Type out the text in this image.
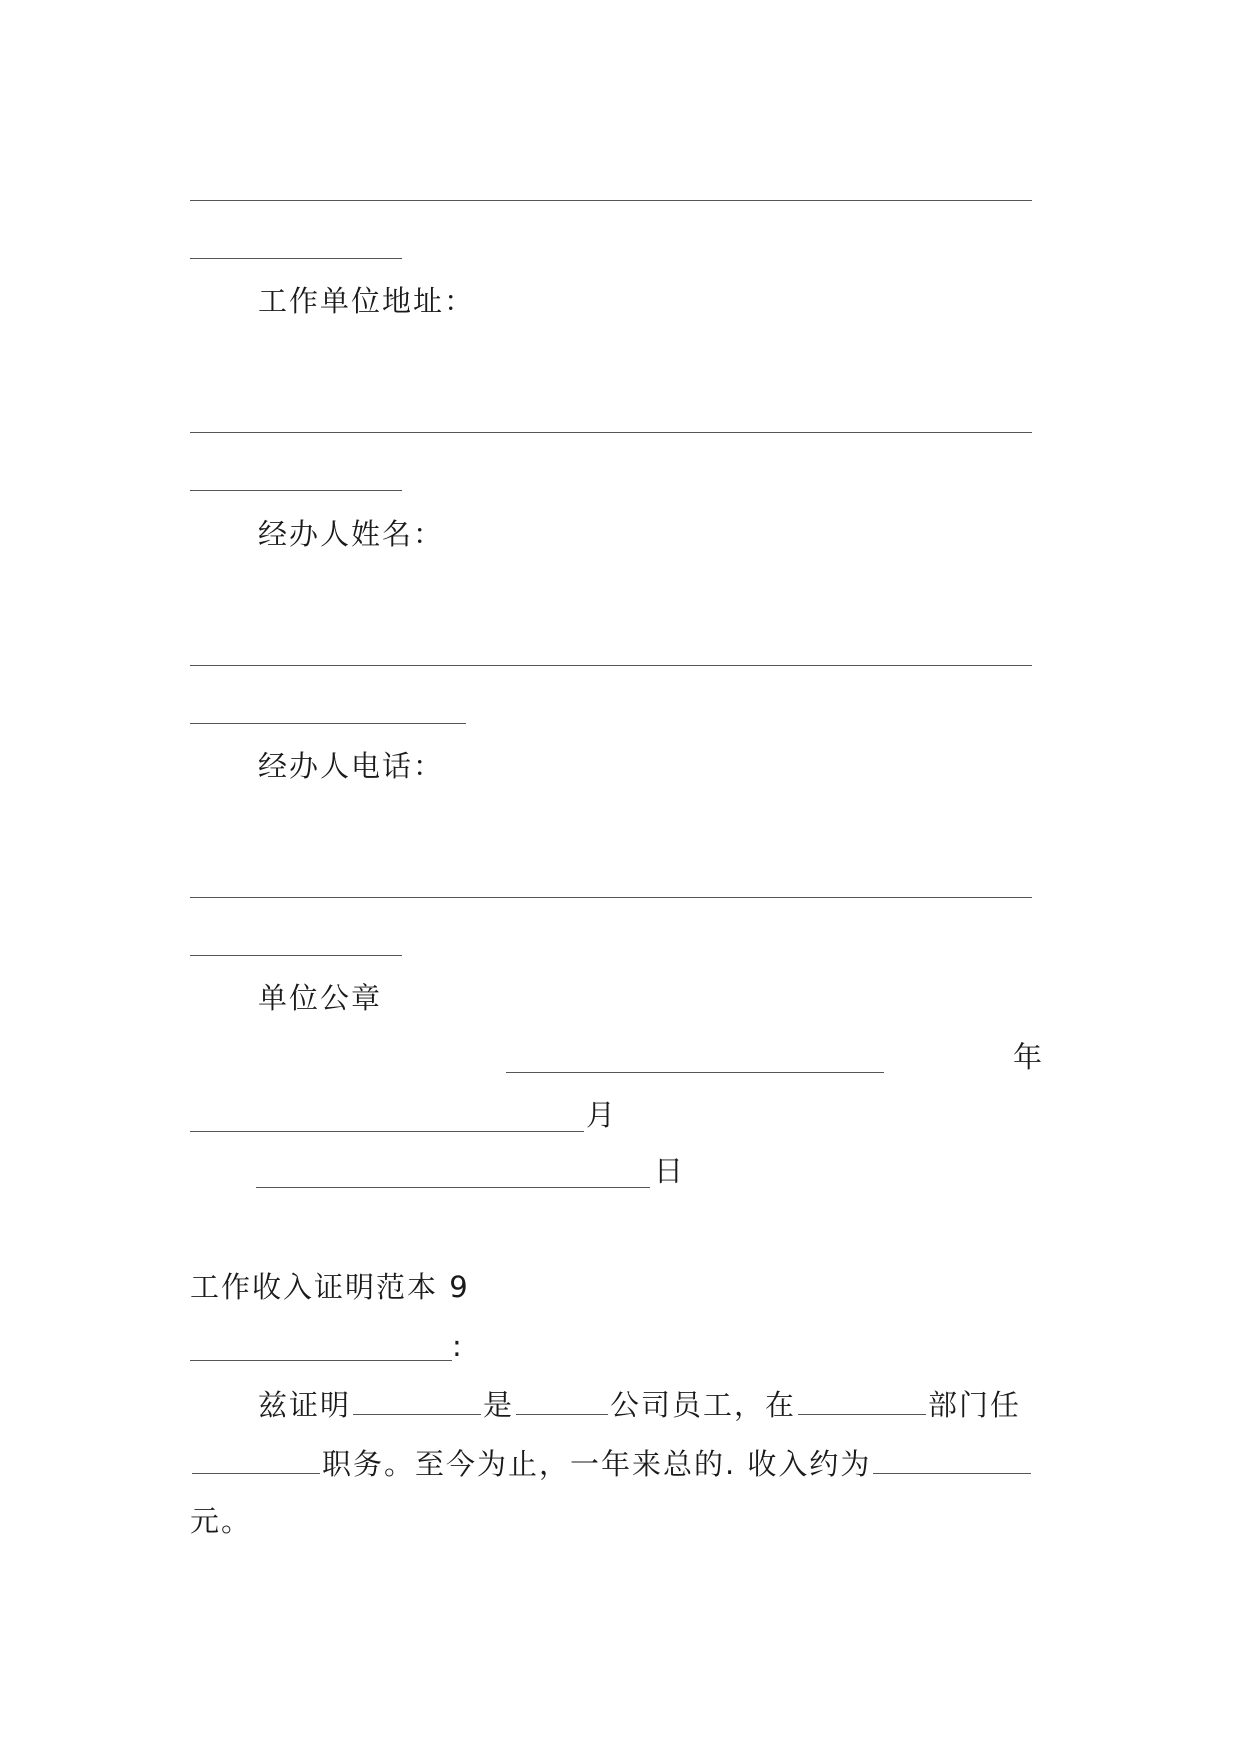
工作单位地址：
经办人姓名：
经办人电话：
单位公章
年
月
日
工作收入证明范本 9
:
兹证明	是	公司员工，在	部门任
职务。至今为止，一年来总的. 收入约为
元。
